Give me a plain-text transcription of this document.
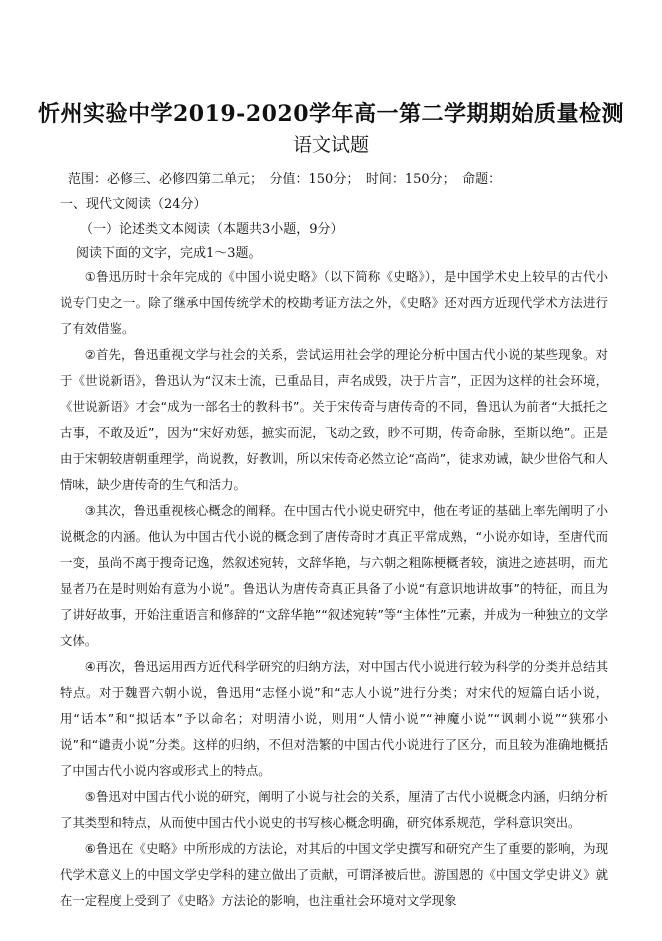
忻州实验中学2019-2020学年高一第二学期期始质量检测
语文试题
范围：必修三、必修四第二单元；　分值：150分；　时间：150分；　命题：
一、现代文阅读（24分）
（一）论述类文本阅读（本题共3小题，9分）
阅读下面的文字，完成1～3题。

①鲁迅历时十余年完成的《中国小说史略》（以下简称《史略》），是中国学术史上较早的古代小说专门史之一。除了继承中国传统学术的校勘考证方法之外，《史略》还对西方近现代学术方法进行了有效借鉴。

②首先，鲁迅重视文学与社会的关系，尝试运用社会学的理论分析中国古代小说的某些现象。对于《世说新语》，鲁迅认为“汉末士流，已重品目，声名成毁，决于片言”，正因为这样的社会环境，《世说新语》才会“成为一部名士的教科书”。关于宋传奇与唐传奇的不同，鲁迅认为前者“大抵托之古事，不敢及近”，因为“宋好劝惩，摭实而泥，飞动之致，眇不可期，传奇命脉，至斯以绝”。正是由于宋朝较唐朝重理学，尚说教，好教训，所以宋传奇必然立论“高尚”，徒求劝诫，缺少世俗气和人情味，缺少唐传奇的生气和活力。

③其次，鲁迅重视核心概念的阐释。在中国古代小说史研究中，他在考证的基础上率先阐明了小说概念的内涵。他认为中国古代小说的概念到了唐传奇时才真正平常成熟，“小说亦如诗，至唐代而一变，虽尚不离于搜奇记逸，然叙述宛转，文辞华艳，与六朝之粗陈梗概者较，演进之迹甚明，而尤显者乃在是时则始有意为小说”。鲁迅认为唐传奇真正具备了小说“有意识地讲故事”的特征，而且为了讲好故事，开始注重语言和修辞的“文辞华艳”“叙述宛转”等“主体性”元素，并成为一种独立的文学文体。

④再次，鲁迅运用西方近代科学研究的归纳方法，对中国古代小说进行较为科学的分类并总结其特点。对于魏晋六朝小说，鲁迅用“志怪小说”和“志人小说”进行分类；对宋代的短篇白话小说，用“话本”和“拟话本”予以命名；对明清小说，则用“人情小说”“神魔小说”“讽刺小说”“狭邪小说”和“谴责小说”分类。这样的归纳，不但对浩繁的中国古代小说进行了区分，而且较为准确地概括了中国古代小说内容或形式上的特点。

⑤鲁迅对中国古代小说的研究，阐明了小说与社会的关系，厘清了古代小说概念内涵，归纳分析了其类型和特点，从而使中国古代小说史的书写核心概念明确，研究体系规范，学科意识突出。

⑥鲁迅在《史略》中所形成的方法论，对其后的中国文学史撰写和研究产生了重要的影响，为现代学术意义上的中国文学史学科的建立做出了贡献，可谓泽被后世。游国恩的《中国文学史讲义》就在一定程度上受到了《史略》方法论的影响，也注重社会环境对文学现象
